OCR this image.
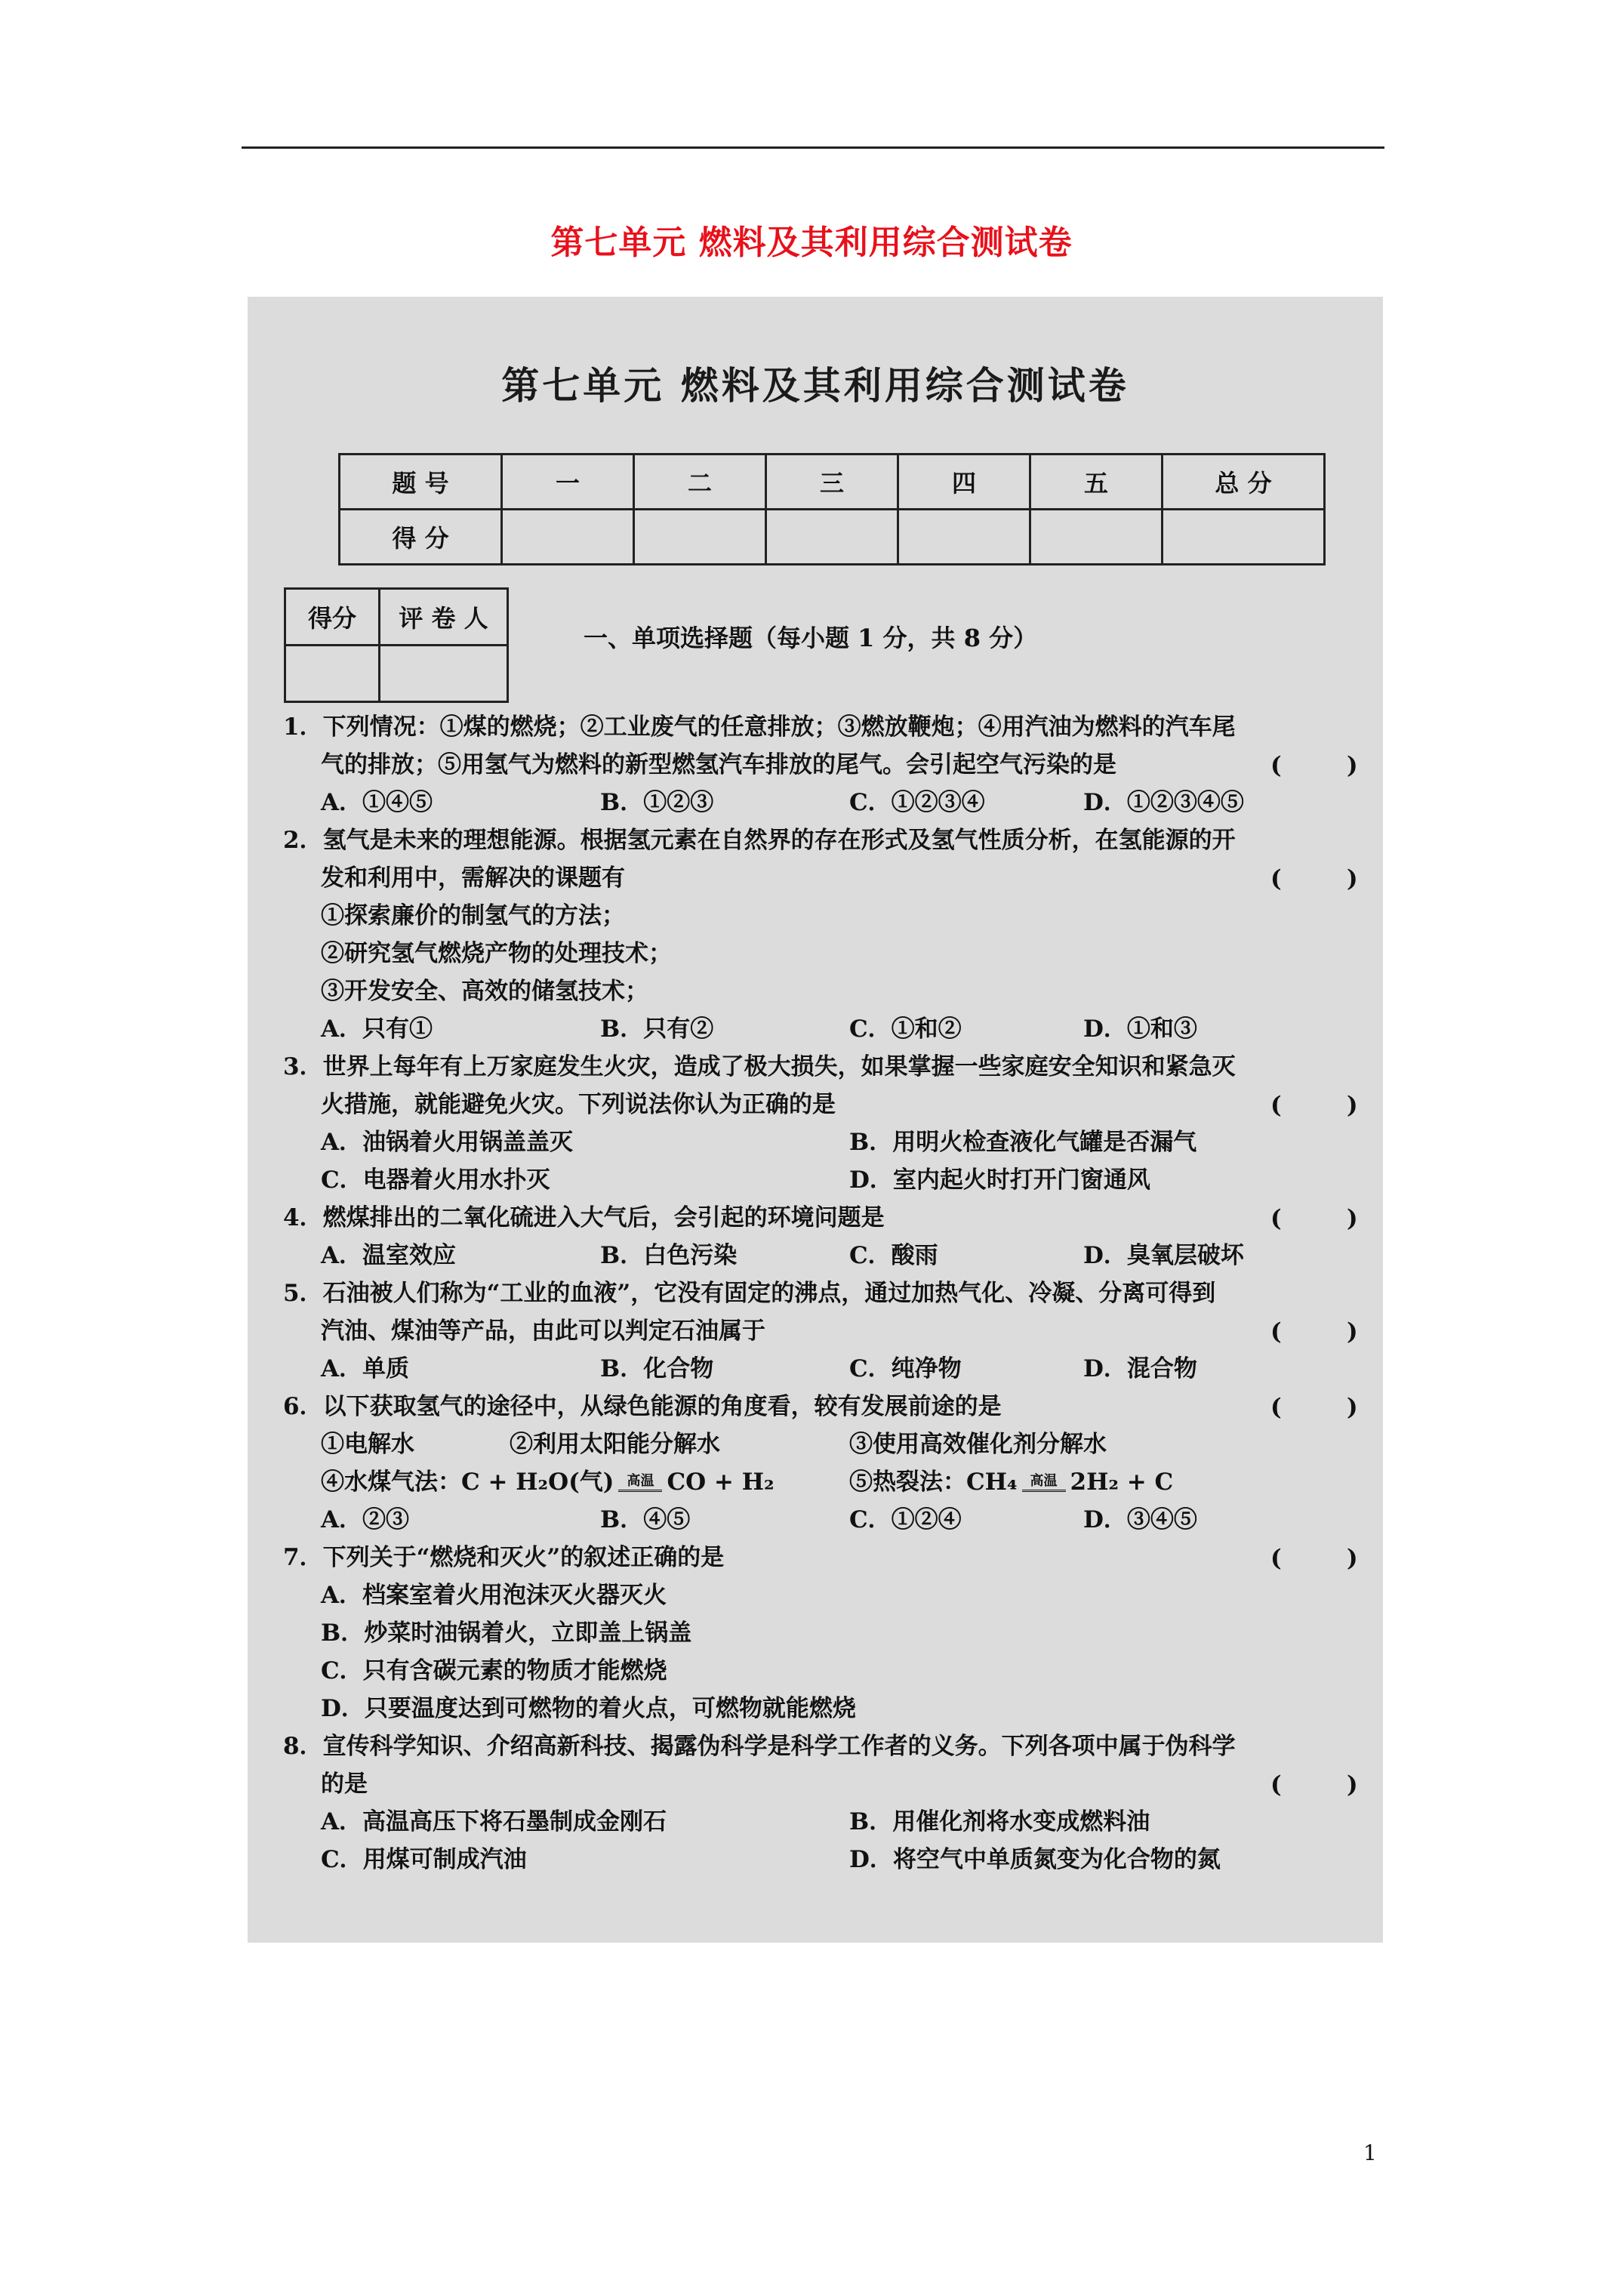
第七单元 燃料及其利用综合测试卷
第七单元 燃料及其利用综合测试卷
题 号	一	二	三	四	五	总 分
得 分						
得分	评 卷 人

一、单项选择题（每小题 1 分，共 8 分）
1．下列情况：①煤的燃烧；②工业废气的任意排放；③燃放鞭炮；④用汽油为燃料的汽车尾
气的排放；⑤用氢气为燃料的新型燃氢汽车排放的尾气。会引起空气污染的是	(        )
A．①④⑤	B．①②③	C．①②③④	D．①②③④⑤
2．氢气是未来的理想能源。根据氢元素在自然界的存在形式及氢气性质分析，在氢能源的开
发和利用中，需解决的课题有	(        )
①探索廉价的制氢气的方法；
②研究氢气燃烧产物的处理技术；
③开发安全、高效的储氢技术；
A．只有①	B．只有②	C．①和②	D．①和③
3．世界上每年有上万家庭发生火灾，造成了极大损失，如果掌握一些家庭安全知识和紧急灭
火措施，就能避免火灾。下列说法你认为正确的是	(        )
A．油锅着火用锅盖盖灭	B．用明火检查液化气罐是否漏气
C．电器着火用水扑灭	D．室内起火时打开门窗通风
4．燃煤排出的二氧化硫进入大气后，会引起的环境问题是	(        )
A．温室效应	B．白色污染	C．酸雨	D．臭氧层破坏
5．石油被人们称为“工业的血液”，它没有固定的沸点，通过加热气化、冷凝、分离可得到
汽油、煤油等产品，由此可以判定石油属于	(        )
A．单质	B．化合物	C．纯净物	D．混合物
6．以下获取氢气的途径中，从绿色能源的角度看，较有发展前途的是	(        )
①电解水	②利用太阳能分解水	③使用高效催化剂分解水
④水煤气法：C + H₂O(气) 高温 CO + H₂	⑤热裂法：CH₄ 高温 2H₂ + C
A．②③	B．④⑤	C．①②④	D．③④⑤
7．下列关于“燃烧和灭火”的叙述正确的是	(        )
A．档案室着火用泡沫灭火器灭火
B．炒菜时油锅着火，立即盖上锅盖
C．只有含碳元素的物质才能燃烧
D．只要温度达到可燃物的着火点，可燃物就能燃烧
8．宣传科学知识、介绍高新科技、揭露伪科学是科学工作者的义务。下列各项中属于伪科学
的是	(        )
A．高温高压下将石墨制成金刚石	B．用催化剂将水变成燃料油
C．用煤可制成汽油	D．将空气中单质氮变为化合物的氮
1
